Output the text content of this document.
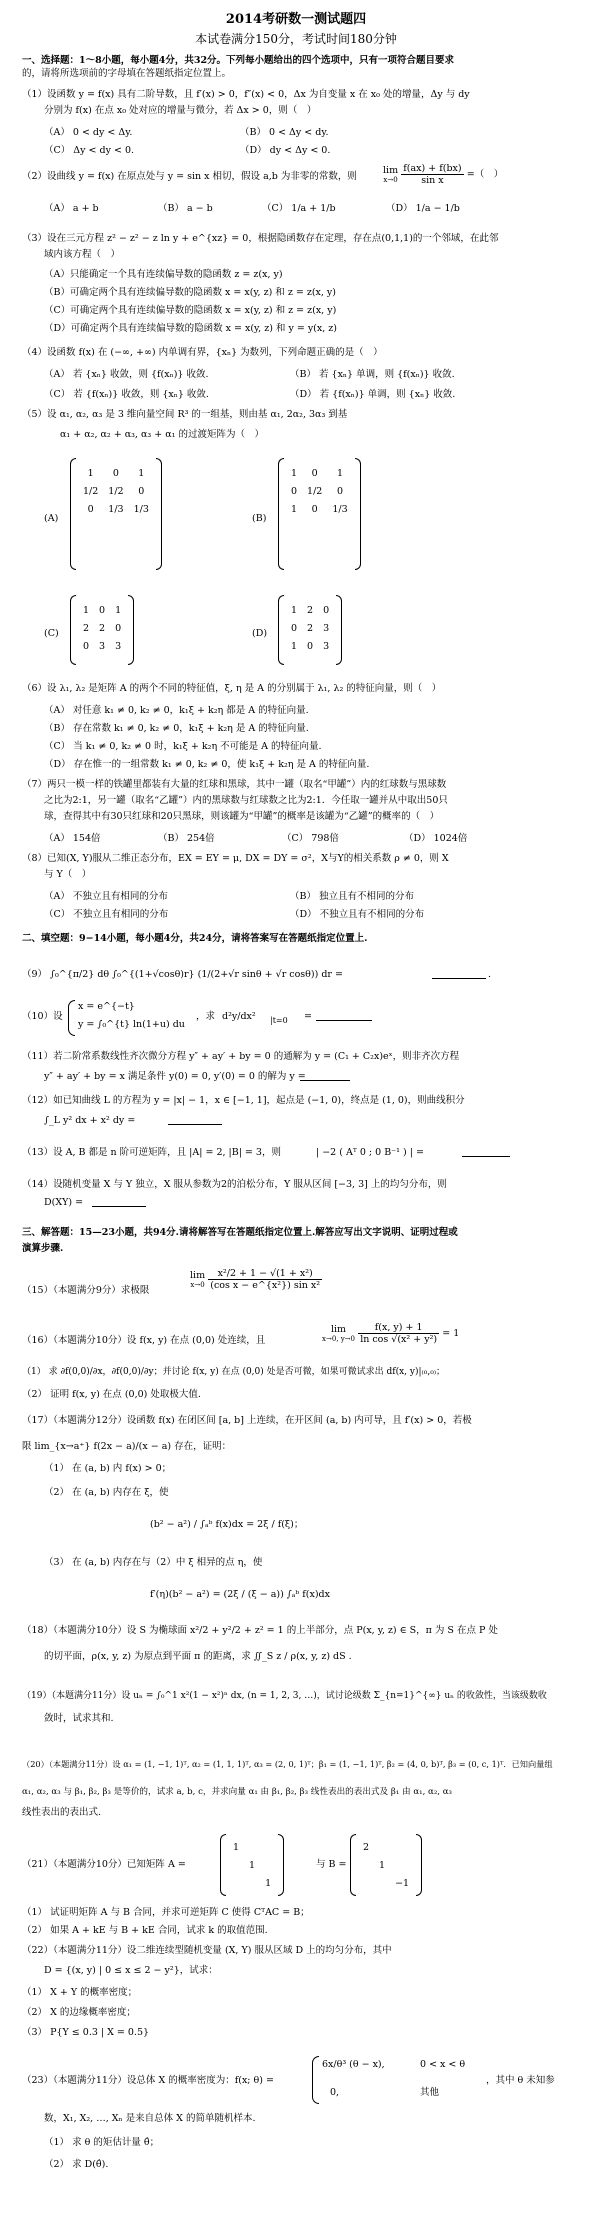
2014考研数一测试题四
本试卷满分150分，考试时间180分钟
一、选择题：1～8小题，每小题4分，共32分。下列每小题给出的四个选项中，只有一项符合题目要求
的，请将所选项前的字母填在答题纸指定位置上。
（1）设函数 y = f(x) 具有二阶导数，且 f′(x) > 0，f″(x) < 0，Δx 为自变量 x 在 x₀ 处的增量，Δy 与 dy
分别为 f(x) 在点 x₀ 处对应的增量与微分，若 Δx > 0，则（　）
（A） 0 < dy < Δy.	（B） 0 < Δy < dy.
（C） Δy < dy < 0.	（D） dy < Δy < 0.
（2）设曲线 y = f(x) 在原点处与 y = sin x 相切，假设 a,b 为非零的常数，则
lim
x→0
$\frac{f(ax) + f(bx)}{\text{sin x}}$ =（　）
（A） a + b	（B） a − b	（C） 1/a + 1/b	（D） 1/a − 1/b
（3）设在三元方程 z² − z² − z ln y + e^{xz} = 0，根据隐函数存在定理，存在点(0,1,1)的一个邻域，在此邻
域内该方程（　）
（A）只能确定一个具有连续偏导数的隐函数 z = z(x, y)
（B）可确定两个具有连续偏导数的隐函数 x = x(y, z) 和 z = z(x, y)
（C）可确定两个具有连续偏导数的隐函数 x = x(y, z) 和 z = z(x, y)
（D）可确定两个具有连续偏导数的隐函数 x = x(y, z) 和 y = y(x, z)
（4）设函数 f(x) 在 (−∞, +∞) 内单调有界，{xₙ} 为数列，下列命题正确的是（　）
（A） 若 {xₙ} 收敛，则 {f(xₙ)} 收敛.	（B） 若 {xₙ} 单调，则 {f(xₙ)} 收敛.
（C） 若 {f(xₙ)} 收敛，则 {xₙ} 收敛.	（D） 若 {f(xₙ)} 单调，则 {xₙ} 收敛.
（5）设 α₁, α₂, α₃ 是 3 维向量空间 R³ 的一组基，则由基 α₁, 2α₂, 3α₃ 到基
α₁ + α₂, α₂ + α₃, α₃ + α₁ 的过渡矩阵为（　）
(A)
1	0	1
1/2	1/2	0
0	1/3	1/3
(B)
1	0	1
0	1/2	0
1	0	1/3
(C)
1	0	1
2	2	0
0	3	3
(D)
1	2	0
0	2	3
1	0	3
（6）设 λ₁, λ₂ 是矩阵 A 的两个不同的特征值，ξ, η 是 A 的分别属于 λ₁, λ₂ 的特征向量，则（　）
（A） 对任意 k₁ ≠ 0, k₂ ≠ 0，k₁ξ + k₂η 都是 A 的特征向量.
（B） 存在常数 k₁ ≠ 0, k₂ ≠ 0，k₁ξ + k₂η 是 A 的特征向量.
（C） 当 k₁ ≠ 0, k₂ ≠ 0 时，k₁ξ + k₂η 不可能是 A 的特征向量.
（D） 存在惟一的一组常数 k₁ ≠ 0, k₂ ≠ 0，使 k₁ξ + k₂η 是 A 的特征向量.
（7）两只一模一样的铁罐里都装有大量的红球和黑球，其中一罐（取名“甲罐”）内的红球数与黑球数
之比为2:1，另一罐（取名“乙罐”）内的黑球数与红球数之比为2:1．今任取一罐并从中取出50只
球，查得其中有30只红球和20只黑球，则该罐为“甲罐”的概率是该罐为“乙罐”的概率的（　）
（A） 154倍	（B） 254倍	（C） 798倍	（D） 1024倍
（8）已知(X, Y)服从二维正态分布，EX = EY = μ, DX = DY = σ²，X与Y的相关系数 ρ ≠ 0，则 X
与 Y（　）
（A） 不独立且有相同的分布	（B） 独立且有不相同的分布
（C） 不独立且有相同的分布	（D） 不独立且有不相同的分布
二、填空题：9−14小题，每小题4分，共24分，请将答案写在答题纸指定位置上.
（9） ∫₀^{π/2} dθ ∫₀^{(1+√cosθ)r} (1/(2+√r sinθ + √r cosθ)) dr =	.
（10）设
x = e^{−t}
y = ∫₀^{t} ln(1+u) du
，求 d²y/dx² |t=0 =
（11）若二阶常系数线性齐次微分方程 y″ + ay′ + by = 0 的通解为 y = (C₁ + C₂x)eˣ，则非齐次方程
y″ + ay′ + by = x 满足条件 y(0) = 0, y′(0) = 0 的解为 y =
（12）如已知曲线 L 的方程为 y = |x| − 1，x ∈ [−1, 1]，起点是 (−1, 0)，终点是 (1, 0)，则曲线积分
∫_L y² dx + x² dy =
（13）设 A, B 都是 n 阶可逆矩阵，且 |A| = 2, |B| = 3，则	| −2 ( Aᵀ 0 ; 0 B⁻¹ ) | =
（14）设随机变量 X 与 Y 独立，X 服从参数为2的泊松分布，Y 服从区间 [−3, 3] 上的均匀分布，则
D(XY) =
三、解答题：15—23小题，共94分.请将解答写在答题纸指定位置上.解答应写出文字说明、证明过程或
演算步骤.
（15）（本题满分9分）求极限
lim
x→0
$\frac{\text{x²/2 + 1 − √(1 + x²)}}{\text{(cos x − e\textasciicircum{}\{x²\}) sin x²}}$
（16）（本题满分10分）设 f(x, y) 在点 (0,0) 处连续，且
lim
x→0, y→0
$\frac{f(x, y) + 1}{\text{ln cos √(x² + y²)}} = 1$
（1） 求 ∂f(0,0)/∂x，∂f(0,0)/∂y；并讨论 f(x, y) 在点 (0,0) 处是否可微，如果可微试求出 df(x, y)|₍₀,₀₎；
（2） 证明 f(x, y) 在点 (0,0) 处取极大值.
（17）（本题满分12分）设函数 f(x) 在闭区间 [a, b] 上连续，在开区间 (a, b) 内可导，且 f′(x) > 0，若极
限 lim_{x→a⁺} f(2x − a)/(x − a) 存在，证明：
（1） 在 (a, b) 内 f(x) > 0；
（2） 在 (a, b) 内存在 ξ，使
(b² − a²) / ∫ₐᵇ f(x)dx = 2ξ / f(ξ)；
（3） 在 (a, b) 内存在与（2）中 ξ 相异的点 η，使
f′(η)(b² − a²) = (2ξ / (ξ − a)) ∫ₐᵇ f(x)dx
（18）（本题满分10分）设 S 为椭球面 x²/2 + y²/2 + z² = 1 的上半部分，点 P(x, y, z) ∈ S，π 为 S 在点 P 处
的切平面，ρ(x, y, z) 为原点到平面 π 的距离，求 ∬_S z / ρ(x, y, z) dS .
（19）（本题满分11分）设 uₙ = ∫₀^1 x²(1 − x²)ⁿ dx, (n = 1, 2, 3, …)，试讨论级数 Σ_{n=1}^{∞} uₙ 的收敛性，当该级数收
敛时，试求其和.
（20）（本题满分11分）设 α₁ = (1, −1, 1)ᵀ, α₂ = (1, 1, 1)ᵀ, α₃ = (2, 0, 1)ᵀ；β₁ = (1, −1, 1)ᵀ, β₂ = (4, 0, b)ᵀ, β₃ = (0, c, 1)ᵀ．已知向量组
α₁, α₂, α₃ 与 β₁, β₂, β₃ 是等价的，试求 a, b, c，并求向量 α₁ 由 β₁, β₂, β₃ 线性表出的表出式及 β₁ 由 α₁, α₂, α₃
线性表出的表出式.
（21）（本题满分10分）已知矩阵 A =
1		
	1	
		1
与 B =
2		
	1	
		−1
（1） 试证明矩阵 A 与 B 合同，并求可逆矩阵 C 使得 CᵀAC = B；
（2） 如果 A + kE 与 B + kE 合同，试求 k 的取值范围.
（22）（本题满分11分）设二维连续型随机变量 (X, Y) 服从区域 D 上的均匀分布，其中
D = {(x, y) | 0 ≤ x ≤ 2 − y²}，试求：
（1） X + Y 的概率密度；
（2） X 的边缘概率密度；
（3） P{Y ≤ 0.3 | X = 0.5}
（23）（本题满分11分）设总体 X 的概率密度为：f(x; θ) =
6x/θ³ (θ − x),	0 < x < θ
0,	其他
，其中 θ 未知参
数，X₁, X₂, …, Xₙ 是来自总体 X 的简单随机样本.
（1） 求 θ 的矩估计量 θ̂；
（2） 求 D(θ̂).
